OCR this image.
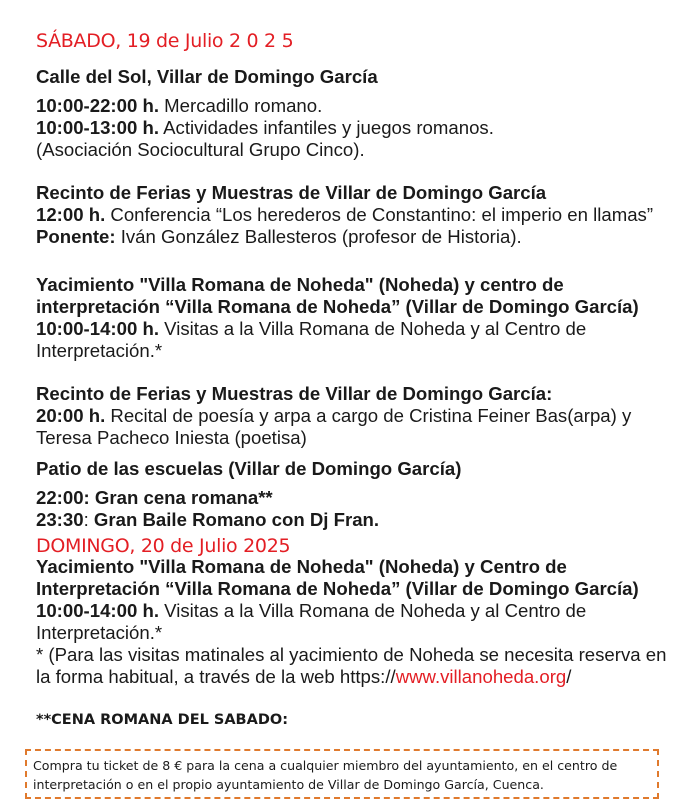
SÁBADO, 19 de Julio 2 0 2 5

Calle del Sol, Villar de Domingo García

10:00-22:00 h. Mercadillo romano.

10:00-13:00 h. Actividades infantiles y juegos romanos.

(Asociación Sociocultural Grupo Cinco).

Recinto de Ferias y Muestras de Villar de Domingo García

12:00 h. Conferencia “Los herederos de Constantino: el imperio en llamas”

Ponente: Iván González Ballesteros (profesor de Historia).

Yacimiento "Villa Romana de Noheda" (Noheda) y centro de interpretación “Villa Romana de Noheda” (Villar de Domingo García)

10:00-14:00 h. Visitas a la Villa Romana de Noheda y al Centro de Interpretación.*

Recinto de Ferias y Muestras de Villar de Domingo García:

20:00 h. Recital de poesía y arpa a cargo de Cristina Feiner Bas(arpa) y Teresa Pacheco Iniesta (poetisa)

Patio de las escuelas (Villar de Domingo García)

22:00: Gran cena romana**

23:30: Gran Baile Romano con Dj Fran.

DOMINGO, 20 de Julio 2025

Yacimiento "Villa Romana de Noheda" (Noheda) y Centro de Interpretación “Villa Romana de Noheda” (Villar de Domingo García)

10:00-14:00 h. Visitas a la Villa Romana de Noheda y al Centro de Interpretación.*

* (Para las visitas matinales al yacimiento de Noheda se necesita reserva en la forma habitual, a través de la web https://www.villanoheda.org/

**CENA ROMANA DEL SABADO:
Compra tu ticket de 8 € para la cena a cualquier miembro del ayuntamiento, en el centro de interpretación o en el propio ayuntamiento de Villar de Domingo García, Cuenca.
